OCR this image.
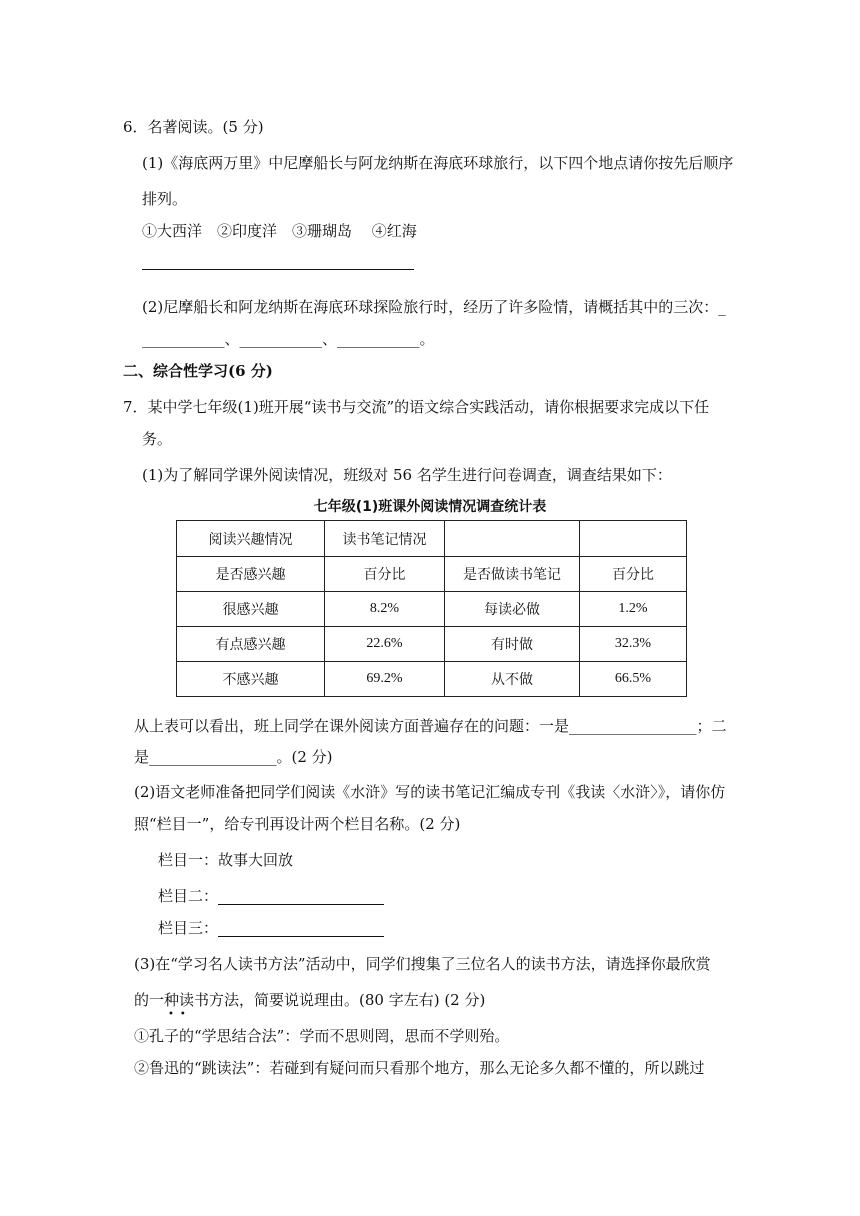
6．名著阅读。(5 分)
(1)《海底两万里》中尼摩船长与阿龙纳斯在海底环球旅行，以下四个地点请你按先后顺序
排列。
①大西洋　②印度洋　③珊瑚岛　 ④红海
(2)尼摩船长和阿龙纳斯在海底环球探险旅行时，经历了许多险情，请概括其中的三次：_
___________、___________、___________。
二、综合性学习(6 分)
7．某中学七年级(1)班开展“读书与交流”的语文综合实践活动，请你根据要求完成以下任
务。
(1)为了解同学课外阅读情况，班级对 56 名学生进行问卷调查，调查结果如下：
七年级(1)班课外阅读情况调查统计表
阅读兴趣情况	读书笔记情况		
是否感兴趣	百分比	是否做读书笔记	百分比
很感兴趣	8.2%	每读必做	1.2%
有点感兴趣	22.6%	有时做	32.3%
不感兴趣	69.2%	从不做	66.5%
从上表可以看出，班上同学在课外阅读方面普遍存在的问题：一是_________________；二
是_________________。(2 分)
(2)语文老师准备把同学们阅读《水浒》写的读书笔记汇编成专刊《我读〈水浒〉》，请你仿
照“栏目一”，给专刊再设计两个栏目名称。(2 分)
栏目一：故事大回放
栏目二：
栏目三：
(3)在“学习名人读书方法”活动中，同学们搜集了三位名人的读书方法，请选择你最欣赏
的一种读书方法，简要说说理由。(80 字左右) (2 分)
••
①孔子的“学思结合法”：学而不思则罔，思而不学则殆。
②鲁迅的“跳读法”：若碰到有疑问而只看那个地方，那么无论多久都不懂的，所以跳过
